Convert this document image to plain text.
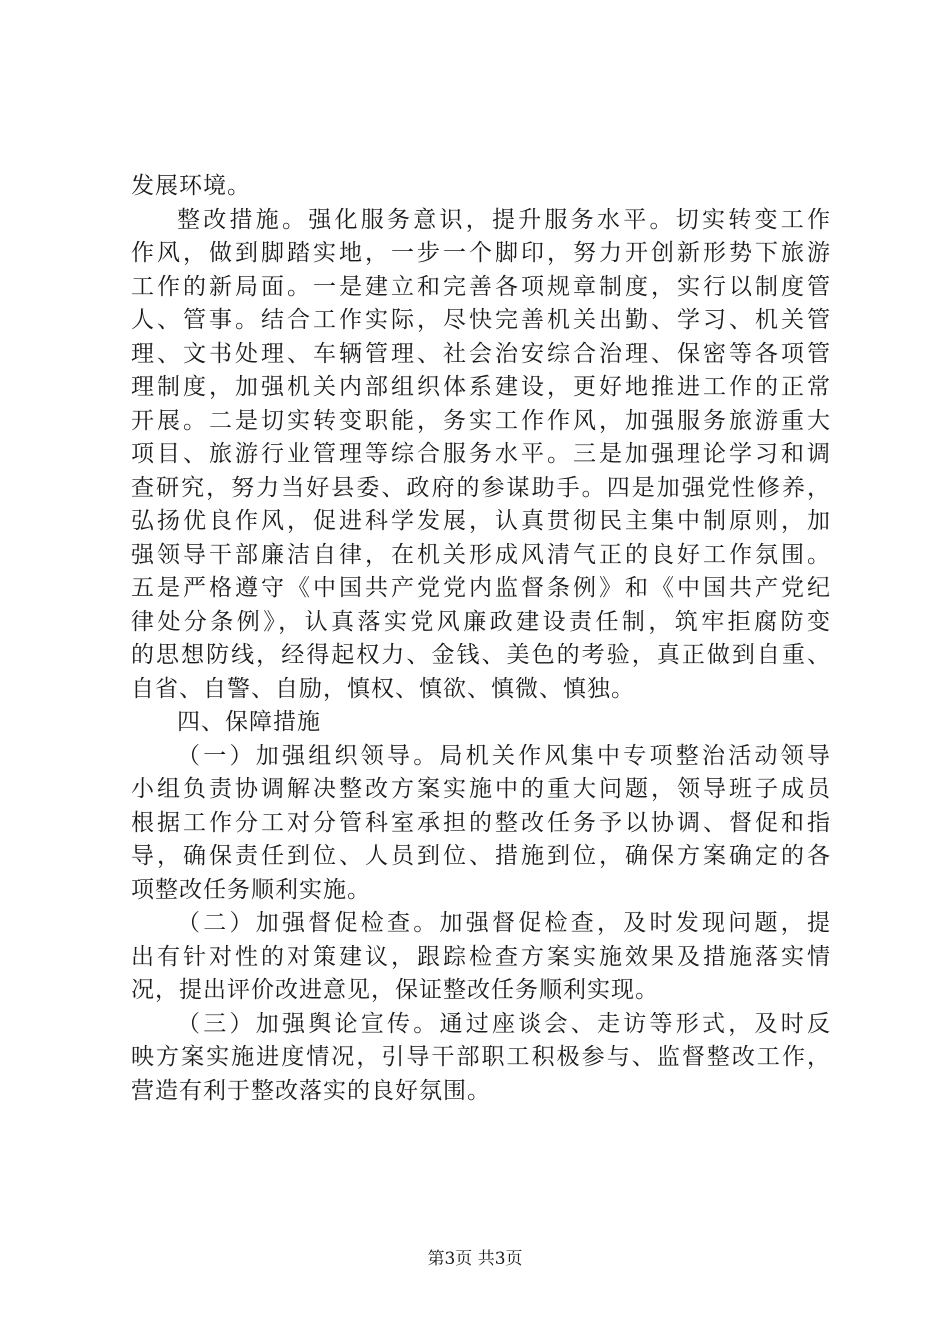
发展环境。
整改措施。强化服务意识，提升服务水平。切实转变工作
作风，做到脚踏实地，一步一个脚印，努力开创新形势下旅游
工作的新局面。一是建立和完善各项规章制度，实行以制度管
人、管事。结合工作实际，尽快完善机关出勤、学习、机关管
理、文书处理、车辆管理、社会治安综合治理、保密等各项管
理制度，加强机关内部组织体系建设，更好地推进工作的正常
开展。二是切实转变职能，务实工作作风，加强服务旅游重大
项目、旅游行业管理等综合服务水平。三是加强理论学习和调
查研究，努力当好县委、政府的参谋助手。四是加强党性修养，
弘扬优良作风，促进科学发展，认真贯彻民主集中制原则，加
强领导干部廉洁自律，在机关形成风清气正的良好工作氛围。
五是严格遵守《中国共产党党内监督条例》和《中国共产党纪
律处分条例》，认真落实党风廉政建设责任制，筑牢拒腐防变
的思想防线，经得起权力、金钱、美色的考验，真正做到自重、
自省、自警、自励，慎权、慎欲、慎微、慎独。
四、保障措施
（一）加强组织领导。局机关作风集中专项整治活动领导
小组负责协调解决整改方案实施中的重大问题，领导班子成员
根据工作分工对分管科室承担的整改任务予以协调、督促和指
导，确保责任到位、人员到位、措施到位，确保方案确定的各
项整改任务顺利实施。
（二）加强督促检查。加强督促检查，及时发现问题，提
出有针对性的对策建议，跟踪检查方案实施效果及措施落实情
况，提出评价改进意见，保证整改任务顺利实现。
（三）加强舆论宣传。通过座谈会、走访等形式，及时反
映方案实施进度情况，引导干部职工积极参与、监督整改工作，
营造有利于整改落实的良好氛围。
第3页 共3页
